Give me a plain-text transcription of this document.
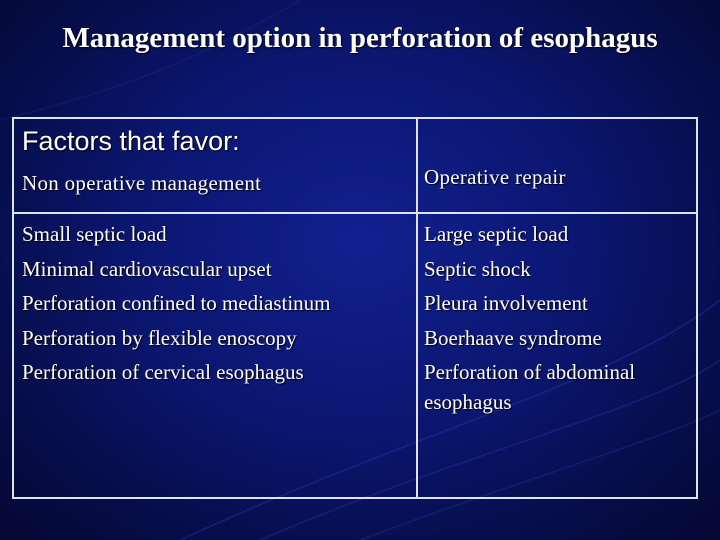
Management option in perforation of esophagus
Factors that favor:
Non operative management	Operative repair
Small septic load
Minimal cardiovascular upset
Perforation confined to mediastinum
Perforation by flexible enoscopy
Perforation of cervical esophagus
Large septic load
Septic shock
Pleura involvement
Boerhaave syndrome
Perforation of abdominal esophagus
